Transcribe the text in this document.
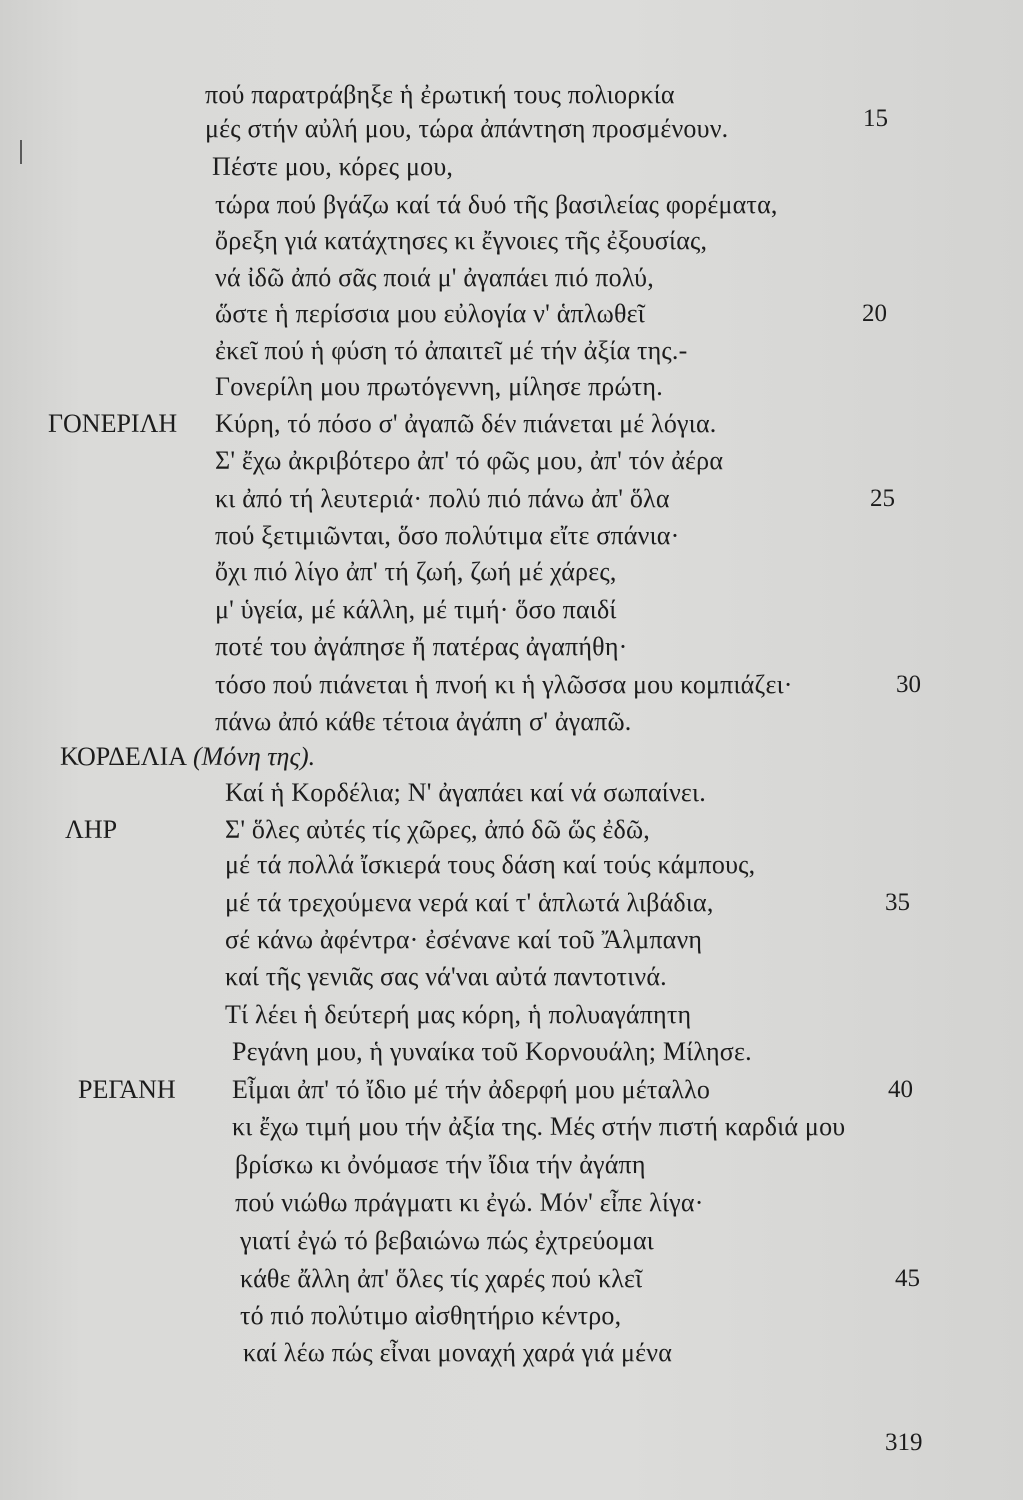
πού παρατράβηξε ἡ ἐρωτική τους πολιορκία
μές στήν αὐλή μου, τώρα ἀπάντηση προσμένουν.	15
Πέστε μου, κόρες μου,
τώρα πού βγάζω καί τά δυό τῆς βασιλείας φορέματα,
ὄρεξη γιά κατάχτησες κι ἔγνοιες τῆς ἐξουσίας,
νά ἰδῶ ἀπό σᾶς ποιά μ' ἀγαπάει πιό πολύ,
ὥστε ἡ περίσσια μου εὐλογία ν' ἁπλωθεῖ	20
ἐκεῖ πού ἡ φύση τό ἀπαιτεῖ μέ τήν ἀξία της.-
Γονερίλη μου πρωτόγεννη, μίλησε πρώτη.
ΓΟΝΕΡΙΛΗ Κύρη, τό πόσο σ' ἀγαπῶ δέν πιάνεται μέ λόγια.
Σ' ἔχω ἀκριβότερο ἀπ' τό φῶς μου, ἀπ' τόν ἀέρα
κι ἀπό τή λευτεριά· πολύ πιό πάνω ἀπ' ὅλα	25
πού ξετιμιῶνται, ὅσο πολύτιμα εἴτε σπάνια·
ὄχι πιό λίγο ἀπ' τή ζωή, ζωή μέ χάρες,
μ' ὑγεία, μέ κάλλη, μέ τιμή· ὅσο παιδί
ποτέ του ἀγάπησε ἤ πατέρας ἀγαπήθη·
τόσο πού πιάνεται ἡ πνοή κι ἡ γλῶσσα μου κομπιάζει·	30
πάνω ἀπό κάθε τέτοια ἀγάπη σ' ἀγαπῶ.
ΚΟΡΔΕΛΙΑ (Μόνη της).
Καί ἡ Κορδέλια; Ν' ἀγαπάει καί νά σωπαίνει.
ΛΗΡ	Σ' ὅλες αὐτές τίς χῶρες, ἀπό δῶ ὥς ἐδῶ,
μέ τά πολλά ἴσκιερά τους δάση καί τούς κάμπους,
μέ τά τρεχούμενα νερά καί τ' ἁπλωτά λιβάδια,	35
σέ κάνω ἀφέντρα· ἐσένανε καί τοῦ Ἄλμπανη
καί τῆς γενιᾶς σας νά'ναι αὐτά παντοτινά.
Τί λέει ἡ δεύτερή μας κόρη, ἡ πολυαγάπητη
Ρεγάνη μου, ἡ γυναίκα τοῦ Κορνουάλη; Μίλησε.
ΡΕΓΑΝΗ Εἶμαι ἀπ' τό ἴδιο μέ τήν ἀδερφή μου μέταλλο	40
κι ἔχω τιμή μου τήν ἀξία της. Μές στήν πιστή καρδιά μου
βρίσκω κι ὀνόμασε τήν ἴδια τήν ἀγάπη
πού νιώθω πράγματι κι ἐγώ. Μόν' εἶπε λίγα·
γιατί ἐγώ τό βεβαιώνω πώς ἐχτρεύομαι
κάθε ἄλλη ἀπ' ὅλες τίς χαρές πού κλεῖ	45
τό πιό πολύτιμο αἰσθητήριο κέντρο,
καί λέω πώς εἶναι μοναχή χαρά γιά μένα
319
